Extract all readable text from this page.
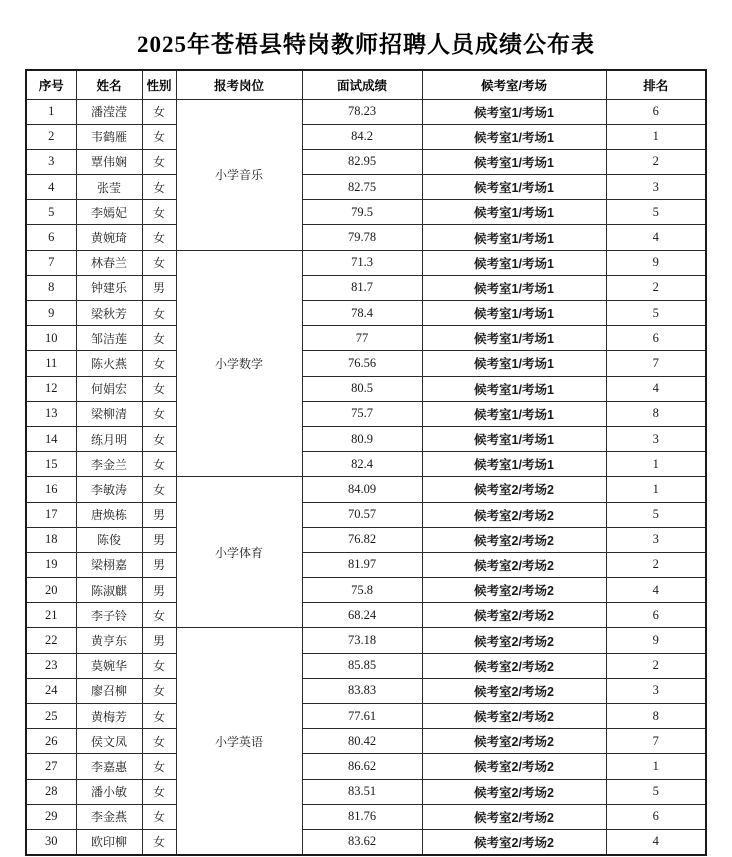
2025年苍梧县特岗教师招聘人员成绩公布表
序号	姓名	性别	报考岗位	面试成绩	候考室/考场	排名
1	潘滢滢	女	小学音乐	78.23	候考室1/考场1	6
2	韦鹤雁	女		84.2	候考室1/考场1	1
3	覃伟娴	女		82.95	候考室1/考场1	2
4	张莹	女		82.75	候考室1/考场1	3
5	李嫣妃	女		79.5	候考室1/考场1	5
6	黄婉琦	女		79.78	候考室1/考场1	4
7	林春兰	女	小学数学	71.3	候考室1/考场1	9
8	钟建乐	男		81.7	候考室1/考场1	2
9	梁秋芳	女		78.4	候考室1/考场1	5
10	邹洁莲	女		77	候考室1/考场1	6
11	陈火燕	女		76.56	候考室1/考场1	7
12	何娟宏	女		80.5	候考室1/考场1	4
13	梁柳清	女		75.7	候考室1/考场1	8
14	练月明	女		80.9	候考室1/考场1	3
15	李金兰	女		82.4	候考室1/考场1	1
16	李敏涛	女	小学体育	84.09	候考室2/考场2	1
17	唐焕栋	男		70.57	候考室2/考场2	5
18	陈俊	男		76.82	候考室2/考场2	3
19	梁栩嘉	男		81.97	候考室2/考场2	2
20	陈淑麒	男		75.8	候考室2/考场2	4
21	李子铃	女		68.24	候考室2/考场2	6
22	黄亨东	男	小学英语	73.18	候考室2/考场2	9
23	莫婉华	女		85.85	候考室2/考场2	2
24	廖召柳	女		83.83	候考室2/考场2	3
25	黄梅芳	女		77.61	候考室2/考场2	8
26	侯文凤	女		80.42	候考室2/考场2	7
27	李嘉惠	女		86.62	候考室2/考场2	1
28	潘小敏	女		83.51	候考室2/考场2	5
29	李金燕	女		81.76	候考室2/考场2	6
30	欧印柳	女		83.62	候考室2/考场2	4
